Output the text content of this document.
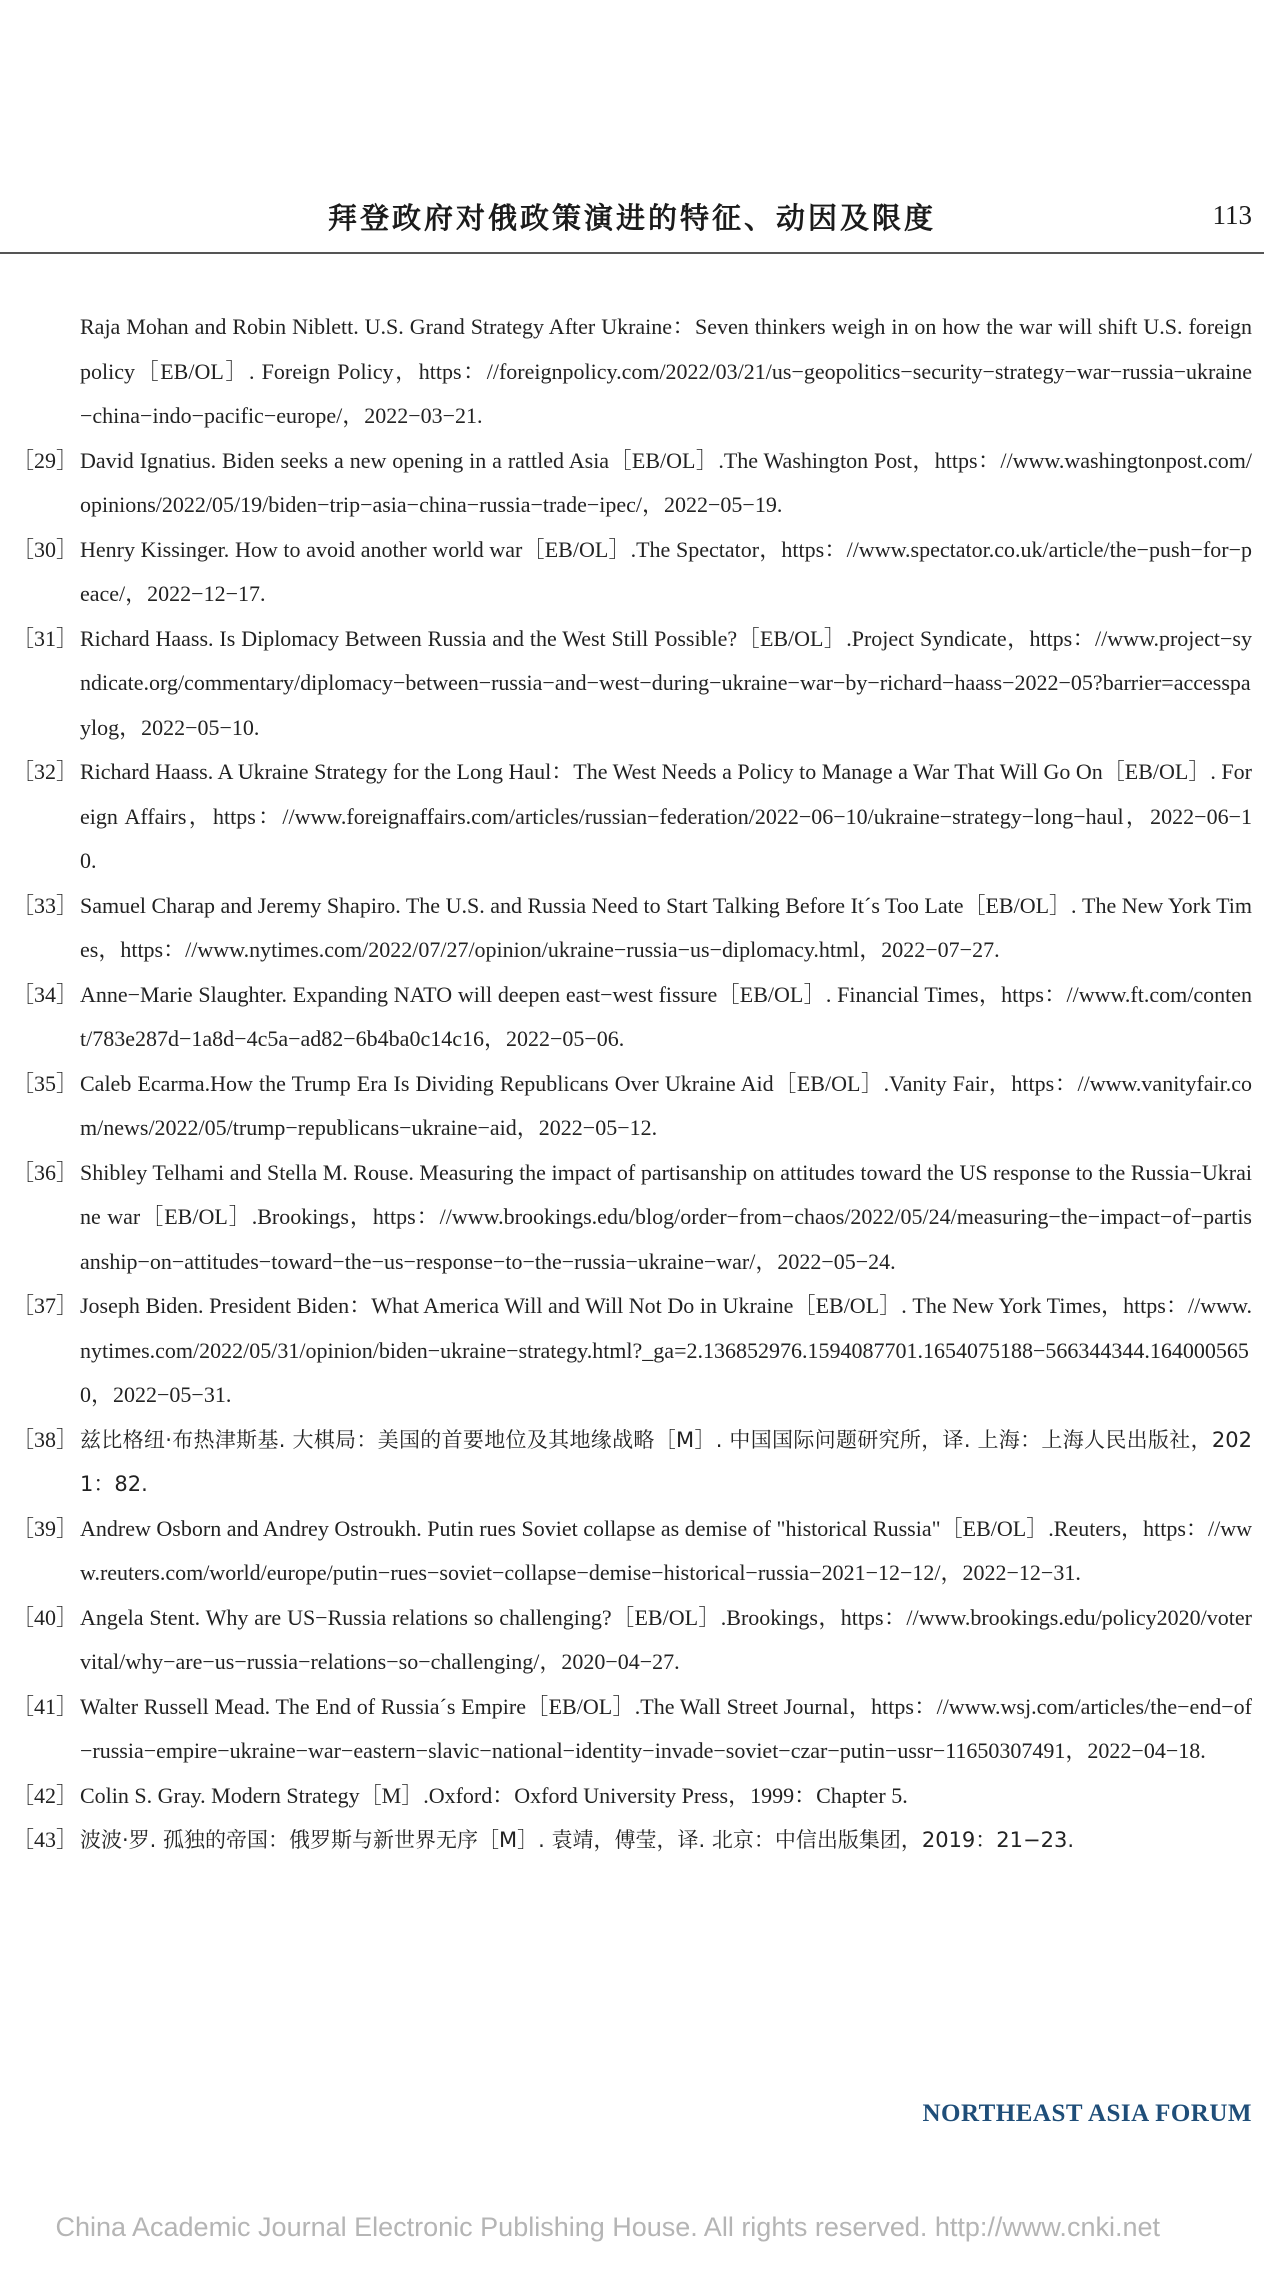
拜登政府对俄政策演进的特征、动因及限度	113
Raja Mohan and Robin Niblett. U.S. Grand Strategy After Ukraine：Seven thinkers weigh in on how the war will shift U.S. foreign policy［EB/OL］. Foreign Policy，https：//foreignpolicy.com/2022/03/21/us−geopolitics−security−strategy−war−russia−ukraine−china−indo−pacific−europe/，2022−03−21.
［29］ David Ignatius. Biden seeks a new opening in a rattled Asia［EB/OL］.The Washington Post，https：//www.washingtonpost.com/opinions/2022/05/19/biden−trip−asia−china−russia−trade−ipec/，2022−05−19.
［30］ Henry Kissinger. How to avoid another world war［EB/OL］.The Spectator，https：//www.spectator.co.uk/article/the−push−for−peace/，2022−12−17.
［31］ Richard Haass. Is Diplomacy Between Russia and the West Still Possible?［EB/OL］.Project Syndicate，https：//www.project−syndicate.org/commentary/diplomacy−between−russia−and−west−during−ukraine−war−by−richard−haass−2022−05?barrier=accesspaylog，2022−05−10.
［32］ Richard Haass. A Ukraine Strategy for the Long Haul：The West Needs a Policy to Manage a War That Will Go On［EB/OL］. Foreign Affairs，https：//www.foreignaffairs.com/articles/russian−federation/2022−06−10/ukraine−strategy−long−haul，2022−06−10.
［33］ Samuel Charap and Jeremy Shapiro. The U.S. and Russia Need to Start Talking Before It´s Too Late［EB/OL］. The New York Times，https：//www.nytimes.com/2022/07/27/opinion/ukraine−russia−us−diplomacy.html，2022−07−27.
［34］ Anne−Marie Slaughter. Expanding NATO will deepen east−west fissure［EB/OL］. Financial Times，https：//www.ft.com/content/783e287d−1a8d−4c5a−ad82−6b4ba0c14c16，2022−05−06.
［35］ Caleb Ecarma.How the Trump Era Is Dividing Republicans Over Ukraine Aid［EB/OL］.Vanity Fair，https：//www.vanityfair.com/news/2022/05/trump−republicans−ukraine−aid，2022−05−12.
［36］ Shibley Telhami and Stella M. Rouse. Measuring the impact of partisanship on attitudes toward the US response to the Russia−Ukraine war［EB/OL］.Brookings，https：//www.brookings.edu/blog/order−from−chaos/2022/05/24/measuring−the−impact−of−partisanship−on−attitudes−toward−the−us−response−to−the−russia−ukraine−war/，2022−05−24.
［37］ Joseph Biden. President Biden：What America Will and Will Not Do in Ukraine［EB/OL］. The New York Times，https：//www.nytimes.com/2022/05/31/opinion/biden−ukraine−strategy.html?_ga=2.136852976.1594087701.1654075188−566344344.1640005650，2022−05−31.
［38］ 兹比格纽·布热津斯基. 大棋局：美国的首要地位及其地缘战略［M］. 中国国际问题研究所，译. 上海：上海人民出版社，2021：82.
［39］ Andrew Osborn and Andrey Ostroukh. Putin rues Soviet collapse as demise of "historical Russia"［EB/OL］.Reuters，https：//www.reuters.com/world/europe/putin−rues−soviet−collapse−demise−historical−russia−2021−12−12/，2022−12−31.
［40］ Angela Stent. Why are US−Russia relations so challenging?［EB/OL］.Brookings，https：//www.brookings.edu/policy2020/votervital/why−are−us−russia−relations−so−challenging/，2020−04−27.
［41］ Walter Russell Mead. The End of Russia´s Empire［EB/OL］.The Wall Street Journal，https：//www.wsj.com/articles/the−end−of−russia−empire−ukraine−war−eastern−slavic−national−identity−invade−soviet−czar−putin−ussr−11650307491，2022−04−18.
［42］ Colin S. Gray. Modern Strategy［M］.Oxford：Oxford University Press，1999：Chapter 5.
［43］ 波波·罗. 孤独的帝国：俄罗斯与新世界无序［M］. 袁靖，傅莹，译. 北京：中信出版集团，2019：21−23.
NORTHEAST ASIA FORUM
China Academic Journal Electronic Publishing House. All rights reserved. http://www.cnki.net
